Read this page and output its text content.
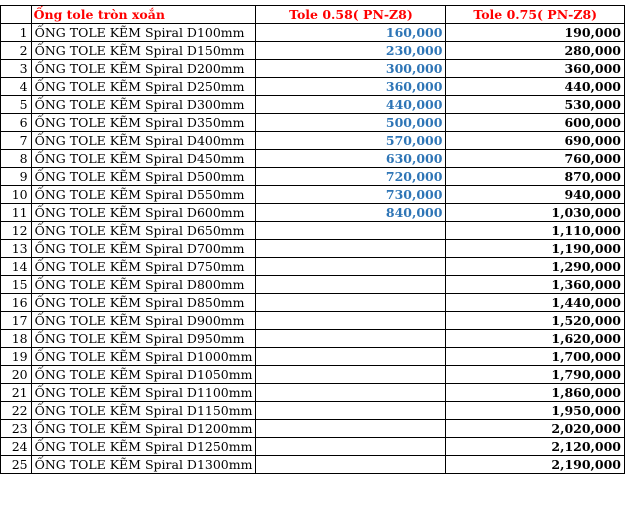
	Ống tole tròn xoắn	Tole 0.58( PN-Z8)	Tole 0.75( PN-Z8)
1	ỐNG TOLE KẼM Spiral D100mm	160,000	190,000
2	ỐNG TOLE KẼM Spiral D150mm	230,000	280,000
3	ỐNG TOLE KẼM Spiral D200mm	300,000	360,000
4	ỐNG TOLE KẼM Spiral D250mm	360,000	440,000
5	ỐNG TOLE KẼM Spiral D300mm	440,000	530,000
6	ỐNG TOLE KẼM Spiral D350mm	500,000	600,000
7	ỐNG TOLE KẼM Spiral D400mm	570,000	690,000
8	ỐNG TOLE KẼM Spiral D450mm	630,000	760,000
9	ỐNG TOLE KẼM Spiral D500mm	720,000	870,000
10	ỐNG TOLE KẼM Spiral D550mm	730,000	940,000
11	ỐNG TOLE KẼM Spiral D600mm	840,000	1,030,000
12	ỐNG TOLE KẼM Spiral D650mm		1,110,000
13	ỐNG TOLE KẼM Spiral D700mm		1,190,000
14	ỐNG TOLE KẼM Spiral D750mm		1,290,000
15	ỐNG TOLE KẼM Spiral D800mm		1,360,000
16	ỐNG TOLE KẼM Spiral D850mm		1,440,000
17	ỐNG TOLE KẼM Spiral D900mm		1,520,000
18	ỐNG TOLE KẼM Spiral D950mm		1,620,000
19	ỐNG TOLE KẼM Spiral D1000mm		1,700,000
20	ỐNG TOLE KẼM Spiral D1050mm		1,790,000
21	ỐNG TOLE KẼM Spiral D1100mm		1,860,000
22	ỐNG TOLE KẼM Spiral D1150mm		1,950,000
23	ỐNG TOLE KẼM Spiral D1200mm		2,020,000
24	ỐNG TOLE KẼM Spiral D1250mm		2,120,000
25	ỐNG TOLE KẼM Spiral D1300mm		2,190,000
